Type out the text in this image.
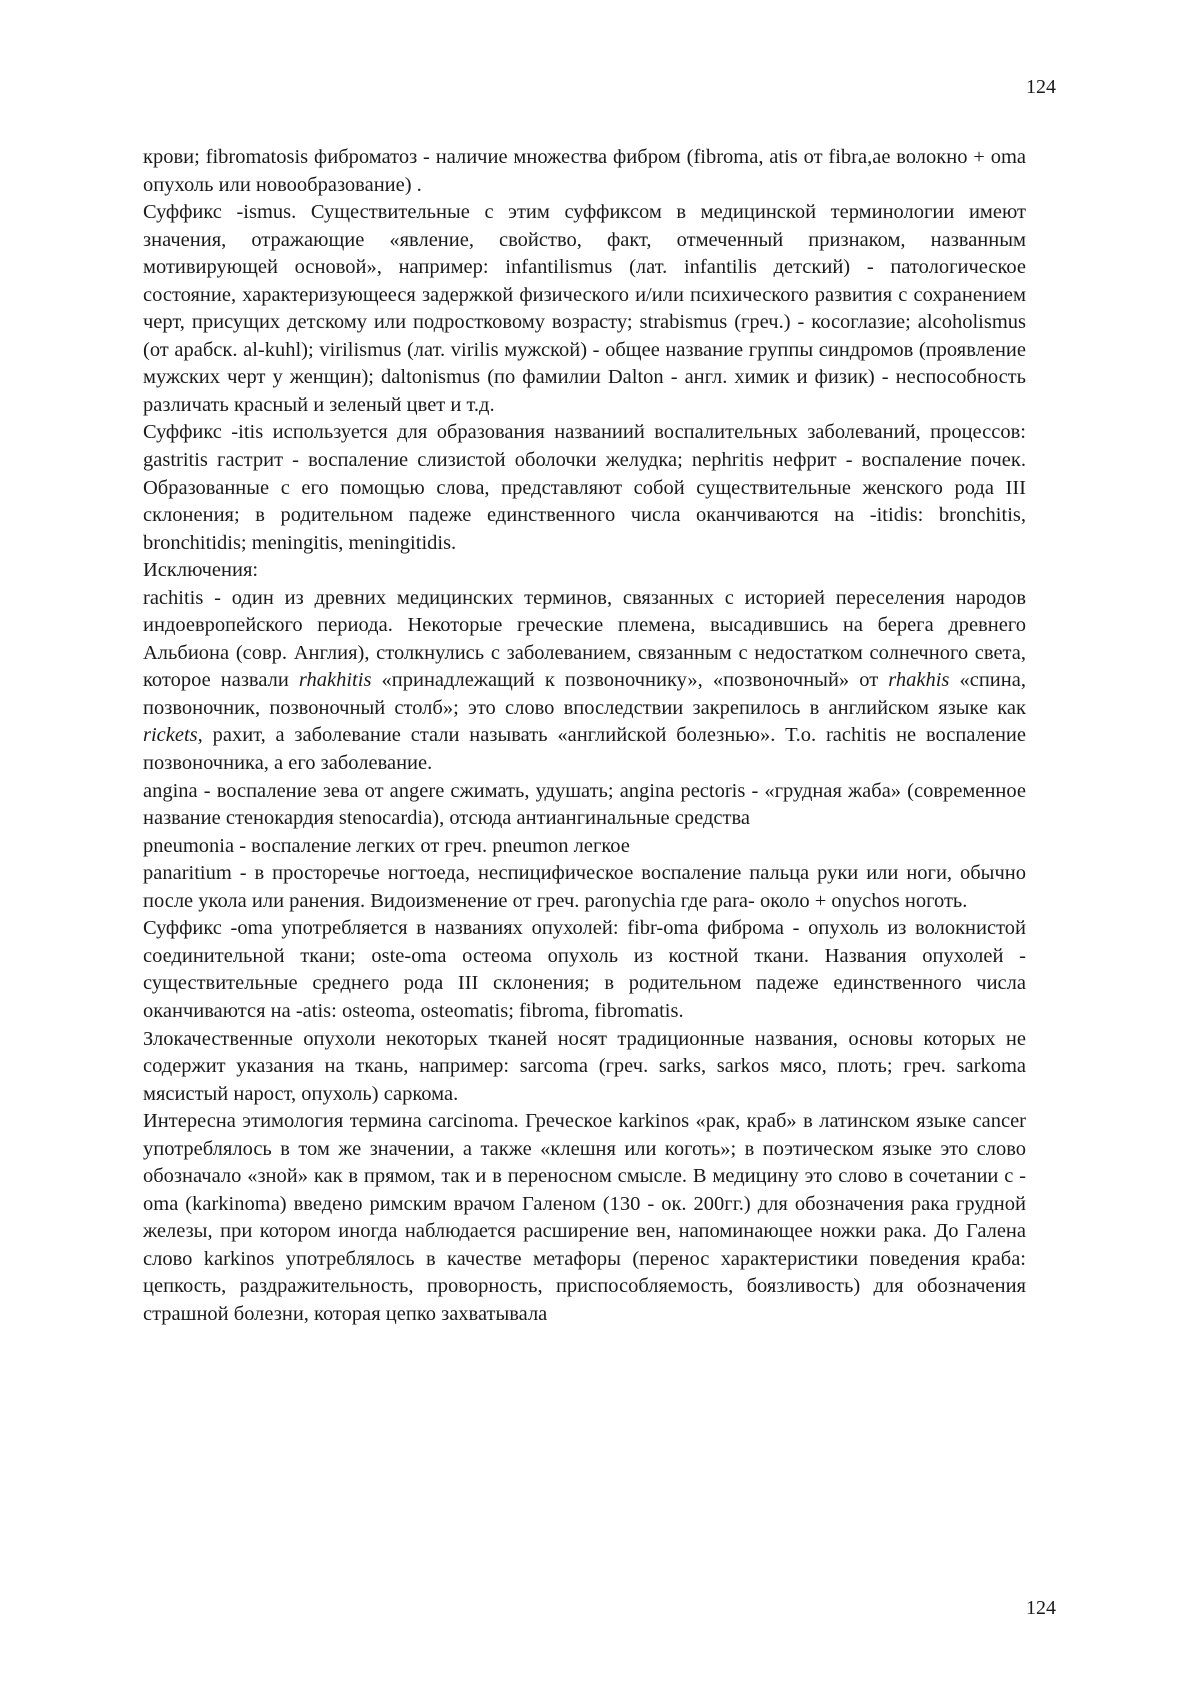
124

крови; fibromatosis фиброматоз - наличие множества фибром (fibroma, atis от fibra,ae волокно + oma опухоль или новообразование) .

Суффикс -ismus. Существительные с этим суффиксом в медицинской терминологии имеют значения, отражающие «явление, свойство, факт, отмеченный признаком, названным мотивирующей основой», например: infantilismus (лат. infantilis детский) - патологическое состояние, характеризующееся задержкой физического и/или психического развития с сохранением черт, присущих детскому или подростковому возрасту; strabismus (греч.) - косоглазие; alcoholismus (от арабск. al-kuhl); virilismus (лат. virilis мужской) - общее название группы синдромов (проявление мужских черт у женщин); daltonismus (по фамилии Dalton - англ. химик и физик) - неспособность различать красный и зеленый цвет и т.д.

Суффикс -itis используется для образования названиий воспалительных заболеваний, процессов: gastritis гастрит - воспаление слизистой оболочки желудка; nephritis нефрит - воспаление почек. Образованные с его помощью слова, представляют собой существительные женского рода III склонения; в родительном падеже единственного числа оканчиваются на -itidis: bronchitis, bronchitidis; meningitis, meningitidis.

Исключения:

rachitis - один из древних медицинских терминов, связанных с историей переселения народов индоевропейского периода. Некоторые греческие племена, высадившись на берега древнего Альбиона (совр. Англия), столкнулись с заболеванием, связанным с недостатком солнечного света, которое назвали rhakhitis «принадлежащий к позвоночнику», «позвоночный» от rhakhis «спина, позвоночник, позвоночный столб»; это слово впоследствии закрепилось в английском языке как rickets, рахит, а заболевание стали называть «английской болезнью». Т.о. rachitis не воспаление позвоночника, а его заболевание.

angina - воспаление зева от angere сжимать, удушать; angina pectoris - «грудная жаба» (современное название стенокардия stenocardia), отсюда антиангинальные средства

pneumonia - воспаление легких от греч. pneumon легкое

panaritium - в просторечье ногтоеда, неспицифическое воспаление пальца руки или ноги, обычно после укола или ранения. Видоизменение от греч. paronychia где para- около + onychos ноготь.

Суффикс -oma употребляется в названиях опухолей: fibr-oma фиброма - опухоль из волокнистой соединительной ткани; oste-oma остеома опухоль из костной ткани. Названия опухолей - существительные среднего рода III склонения; в родительном падеже единственного числа оканчиваются на -atis: osteoma, osteomatis; fibroma, fibromatis.

Злокачественные опухоли некоторых тканей носят традиционные названия, основы которых не содержит указания на ткань, например: sarcoma (греч. sarks, sarkos мясо, плоть; греч. sarkoma мясистый нарост, опухоль) саркома.

Интересна этимология термина carcinoma. Греческое karkinos «рак, краб» в латинском языке cancer употреблялось в том же значении, а также «клешня или коготь»; в поэтическом языке это слово обозначало «зной» как в прямом, так и в переносном смысле. В медицину это слово в сочетании с -oma (karkinoma) введено римским врачом Галеном (130 - ок. 200гг.) для обозначения рака грудной железы, при котором иногда наблюдается расширение вен, напоминающее ножки рака. До Галена слово karkinos употреблялось в качестве метафоры (перенос характеристики поведения краба: цепкость, раздражительность, проворность, приспособляемость, боязливость) для обозначения страшной болезни, которая цепко захватывала

124
